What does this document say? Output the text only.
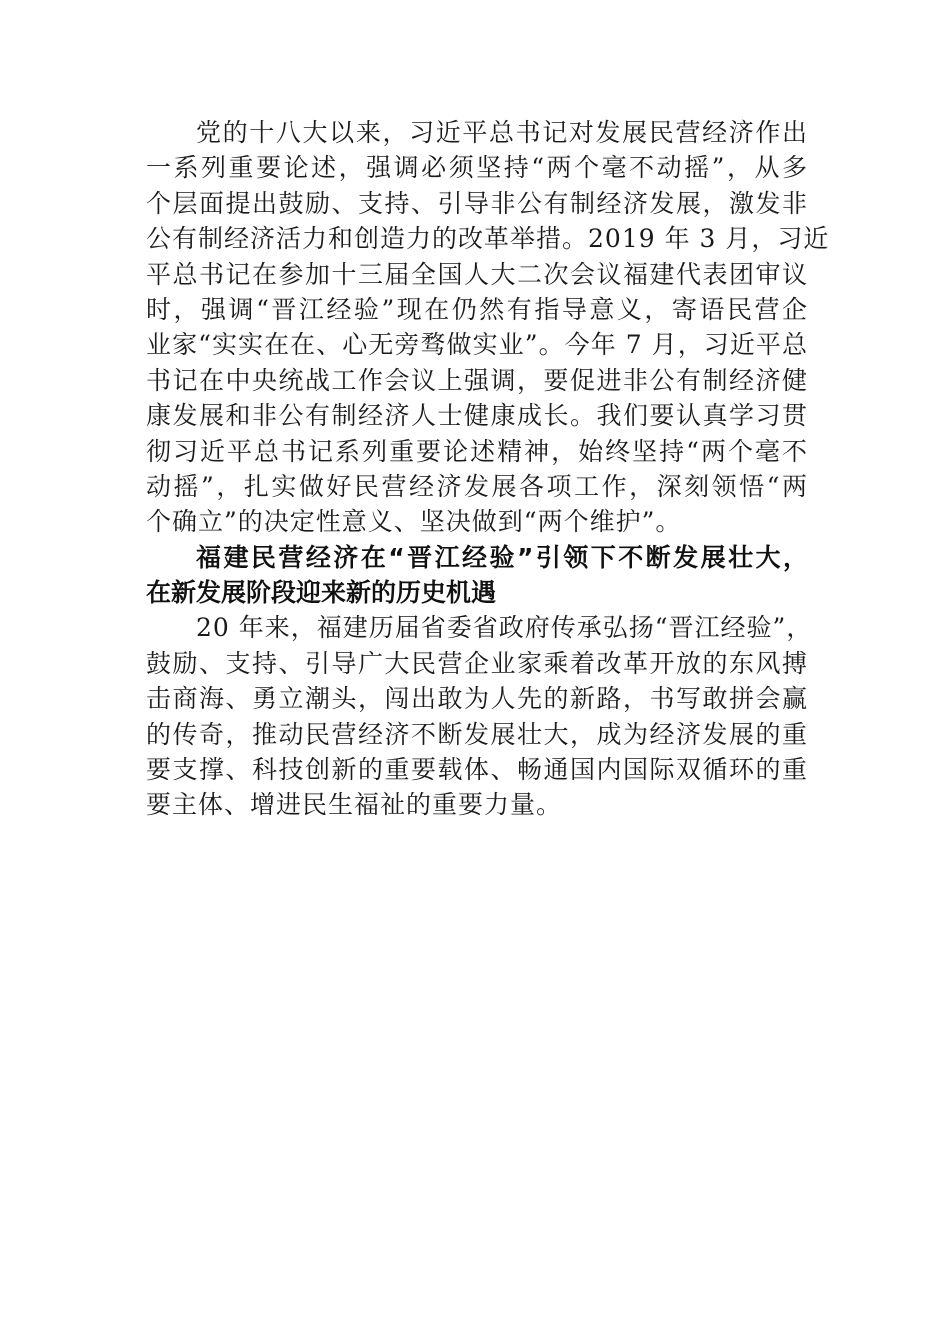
党的十八大以来，习近平总书记对发展民营经济作出
一系列重要论述，强调必须坚持“两个毫不动摇”，从多
个层面提出鼓励、支持、引导非公有制经济发展，激发非
公有制经济活力和创造力的改革举措。2019 年 3 月，习近
平总书记在参加十三届全国人大二次会议福建代表团审议
时，强调“晋江经验”现在仍然有指导意义，寄语民营企
业家“实实在在、心无旁骛做实业”。今年 7 月，习近平总
书记在中央统战工作会议上强调，要促进非公有制经济健
康发展和非公有制经济人士健康成长。我们要认真学习贯
彻习近平总书记系列重要论述精神，始终坚持“两个毫不
动摇”，扎实做好民营经济发展各项工作，深刻领悟“两
个确立”的决定性意义、坚决做到“两个维护”。
福建民营经济在“晋江经验”引领下不断发展壮大，
在新发展阶段迎来新的历史机遇
20 年来，福建历届省委省政府传承弘扬“晋江经验”，
鼓励、支持、引导广大民营企业家乘着改革开放的东风搏
击商海、勇立潮头，闯出敢为人先的新路，书写敢拼会赢
的传奇，推动民营经济不断发展壮大，成为经济发展的重
要支撑、科技创新的重要载体、畅通国内国际双循环的重
要主体、增进民生福祉的重要力量。
